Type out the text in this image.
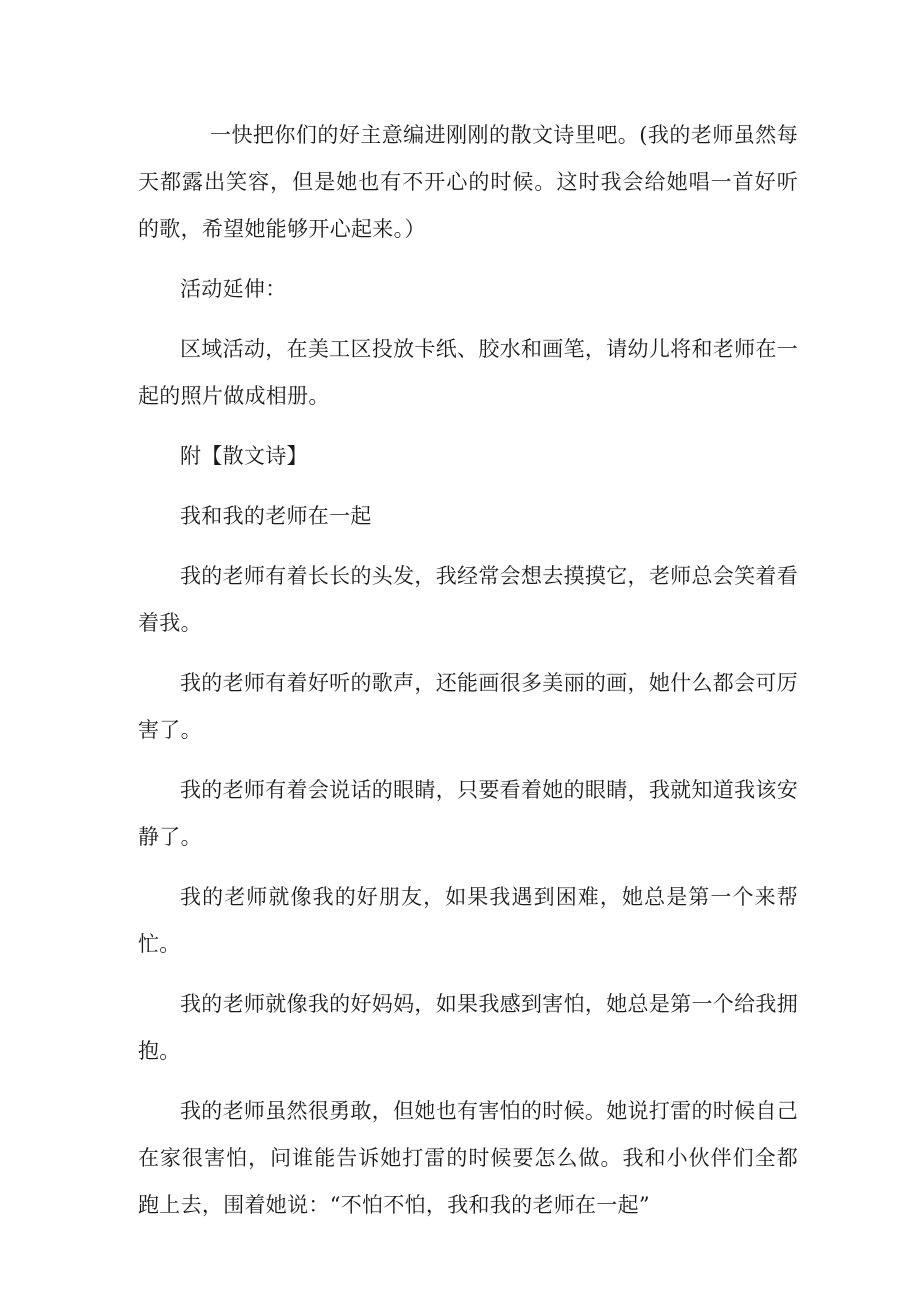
一快把你们的好主意编进刚刚的散文诗里吧。(我的老师虽然每天都露出笑容，但是她也有不开心的时候。这时我会给她唱一首好听的歌，希望她能够开心起来。）

活动延伸：

区域活动，在美工区投放卡纸、胶水和画笔，请幼儿将和老师在一起的照片做成相册。

附【散文诗】

我和我的老师在一起

我的老师有着长长的头发，我经常会想去摸摸它，老师总会笑着看着我。

我的老师有着好听的歌声，还能画很多美丽的画，她什么都会可厉害了。

我的老师有着会说话的眼睛，只要看着她的眼睛，我就知道我该安静了。

我的老师就像我的好朋友，如果我遇到困难，她总是第一个来帮忙。

我的老师就像我的好妈妈，如果我感到害怕，她总是第一个给我拥抱。

我的老师虽然很勇敢，但她也有害怕的时候。她说打雷的时候自己在家很害怕，问谁能告诉她打雷的时候要怎么做。我和小伙伴们全都跑上去，围着她说：“不怕不怕，我和我的老师在一起”
